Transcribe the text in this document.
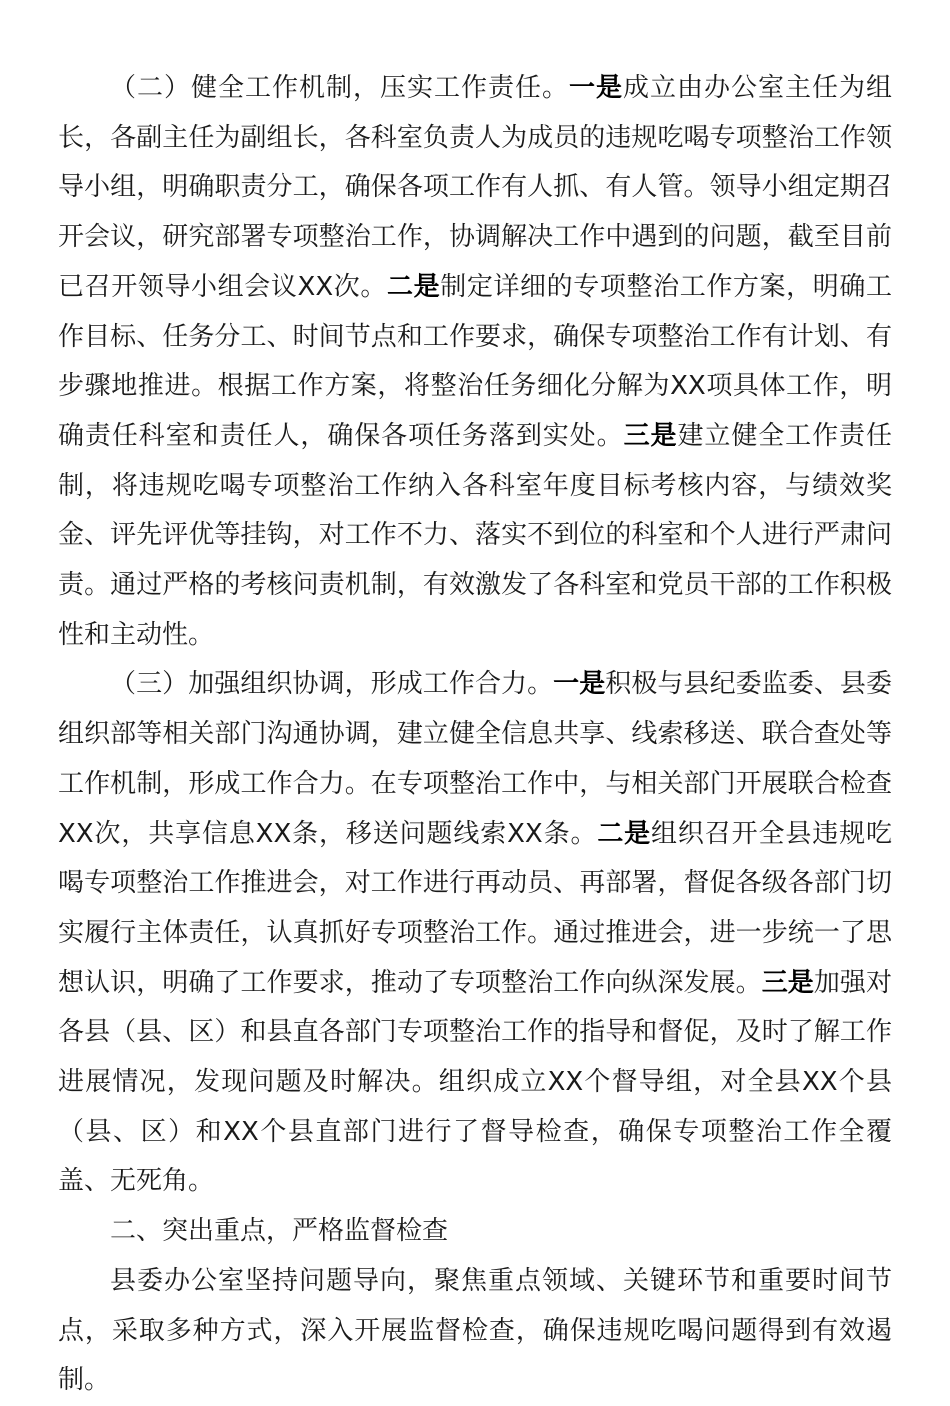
（二）健全工作机制，压实工作责任。一是成立由办公室主任为组长，各副主任为副组长，各科室负责人为成员的违规吃喝专项整治工作领导小组，明确职责分工，确保各项工作有人抓、有人管。领导小组定期召开会议，研究部署专项整治工作，协调解决工作中遇到的问题，截至目前已召开领导小组会议XX次。二是制定详细的专项整治工作方案，明确工作目标、任务分工、时间节点和工作要求，确保专项整治工作有计划、有步骤地推进。根据工作方案，将整治任务细化分解为XX项具体工作，明确责任科室和责任人，确保各项任务落到实处。三是建立健全工作责任制，将违规吃喝专项整治工作纳入各科室年度目标考核内容，与绩效奖金、评先评优等挂钩，对工作不力、落实不到位的科室和个人进行严肃问责。通过严格的考核问责机制，有效激发了各科室和党员干部的工作积极性和主动性。

（三）加强组织协调，形成工作合力。一是积极与县纪委监委、县委组织部等相关部门沟通协调，建立健全信息共享、线索移送、联合查处等工作机制，形成工作合力。在专项整治工作中，与相关部门开展联合检查XX次，共享信息XX条，移送问题线索XX条。二是组织召开全县违规吃喝专项整治工作推进会，对工作进行再动员、再部署，督促各级各部门切实履行主体责任，认真抓好专项整治工作。通过推进会，进一步统一了思想认识，明确了工作要求，推动了专项整治工作向纵深发展。三是加强对各县（县、区）和县直各部门专项整治工作的指导和督促，及时了解工作进展情况，发现问题及时解决。组织成立XX个督导组，对全县XX个县（县、区）和XX个县直部门进行了督导检查，确保专项整治工作全覆盖、无死角。

二、突出重点，严格监督检查

县委办公室坚持问题导向，聚焦重点领域、关键环节和重要时间节点，采取多种方式，深入开展监督检查，确保违规吃喝问题得到有效遏制。
